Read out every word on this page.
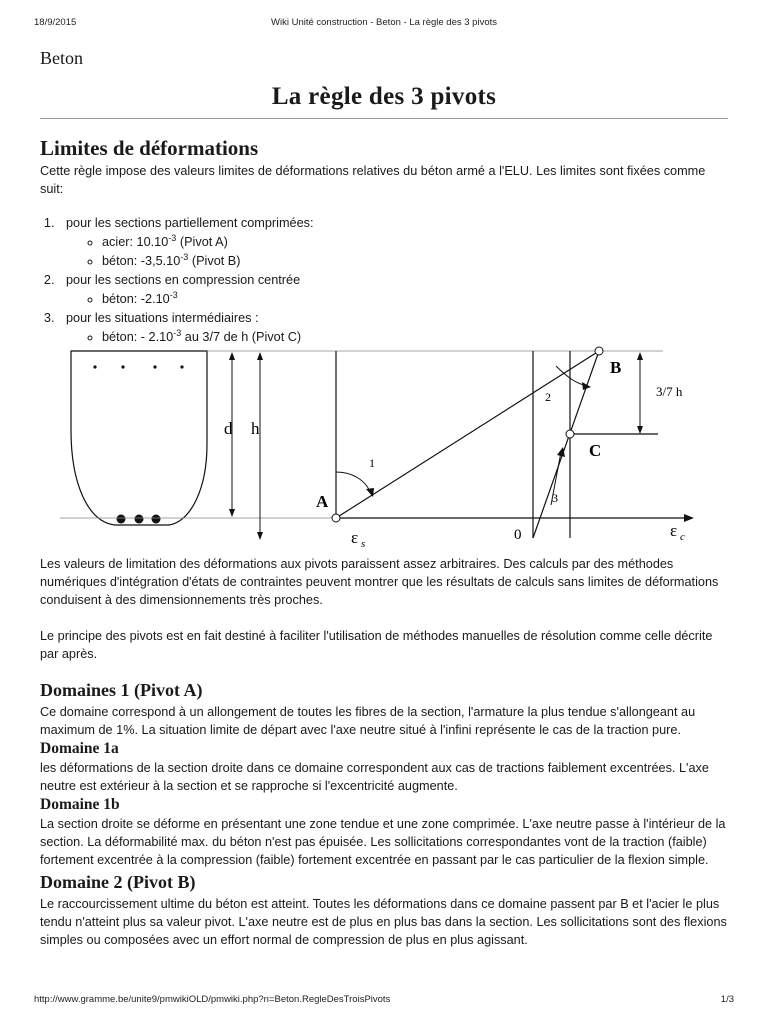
18/9/2015	Wiki Unité construction - Beton - La règle des 3 pivots
http://www.gramme.be/unite9/pmwikiOLD/pmwiki.php?n=Beton.RegleDesTroisPivots	1/3
Beton
La règle des 3 pivots
Limites de déformations

Cette règle impose des valeurs limites de déformations relatives du béton armé a l'ELU. Les limites sont fixées comme suit:

1. pour les sections partiellement comprimées:
◦ acier: $10.10^{-3}$ (Pivot A)
◦ béton: $-3,5.10^{-3}$ (Pivot B)
2. pour les sections en compression centrée
◦ béton: $-2.10^{-3}$
3. pour les situations intermédiaires :
◦ béton: - $2.10^{-3}$ au 3/7 de h (Pivot C)
d h
3/7 h
A
B
C
1
2
3
0
ε s
ε c

Les valeurs de limitation des déformations aux pivots paraissent assez arbitraires. Des calculs par des méthodes numériques d'intégration d'états de contraintes peuvent montrer que les résultats de calculs sans limites de déformations conduisent à des dimensionnements très proches.

Le principe des pivots est en fait destiné à faciliter l'utilisation de méthodes manuelles de résolution comme celle décrite par après.

Domaines 1 (Pivot A)

Ce domaine correspond à un allongement de toutes les fibres de la section, l'armature la plus tendue s'allongeant au maximum de 1%. La situation limite de départ avec l'axe neutre situé à l'infini représente le cas de la traction pure.

Domaine 1a

les déformations de la section droite dans ce domaine correspondent aux cas de tractions faiblement excentrées. L'axe neutre est extérieur à la section et se rapproche si l'excentricité augmente.

Domaine 1b

La section droite se déforme en présentant une zone tendue et une zone comprimée. L'axe neutre passe à l'intérieur de la section. La déformabilité max. du béton n'est pas épuisée. Les sollicitations correspondantes vont de la traction (faible) fortement excentrée à la compression (faible) fortement excentrée en passant par le cas particulier de la flexion simple.

Domaine 2 (Pivot B)

Le raccourcissement ultime du béton est atteint. Toutes les déformations dans ce domaine passent par B et l'acier le plus tendu n'atteint plus sa valeur pivot. L'axe neutre est de plus en plus bas dans la section. Les sollicitations sont des flexions simples ou composées avec un effort normal de compression de plus en plus agissant.
